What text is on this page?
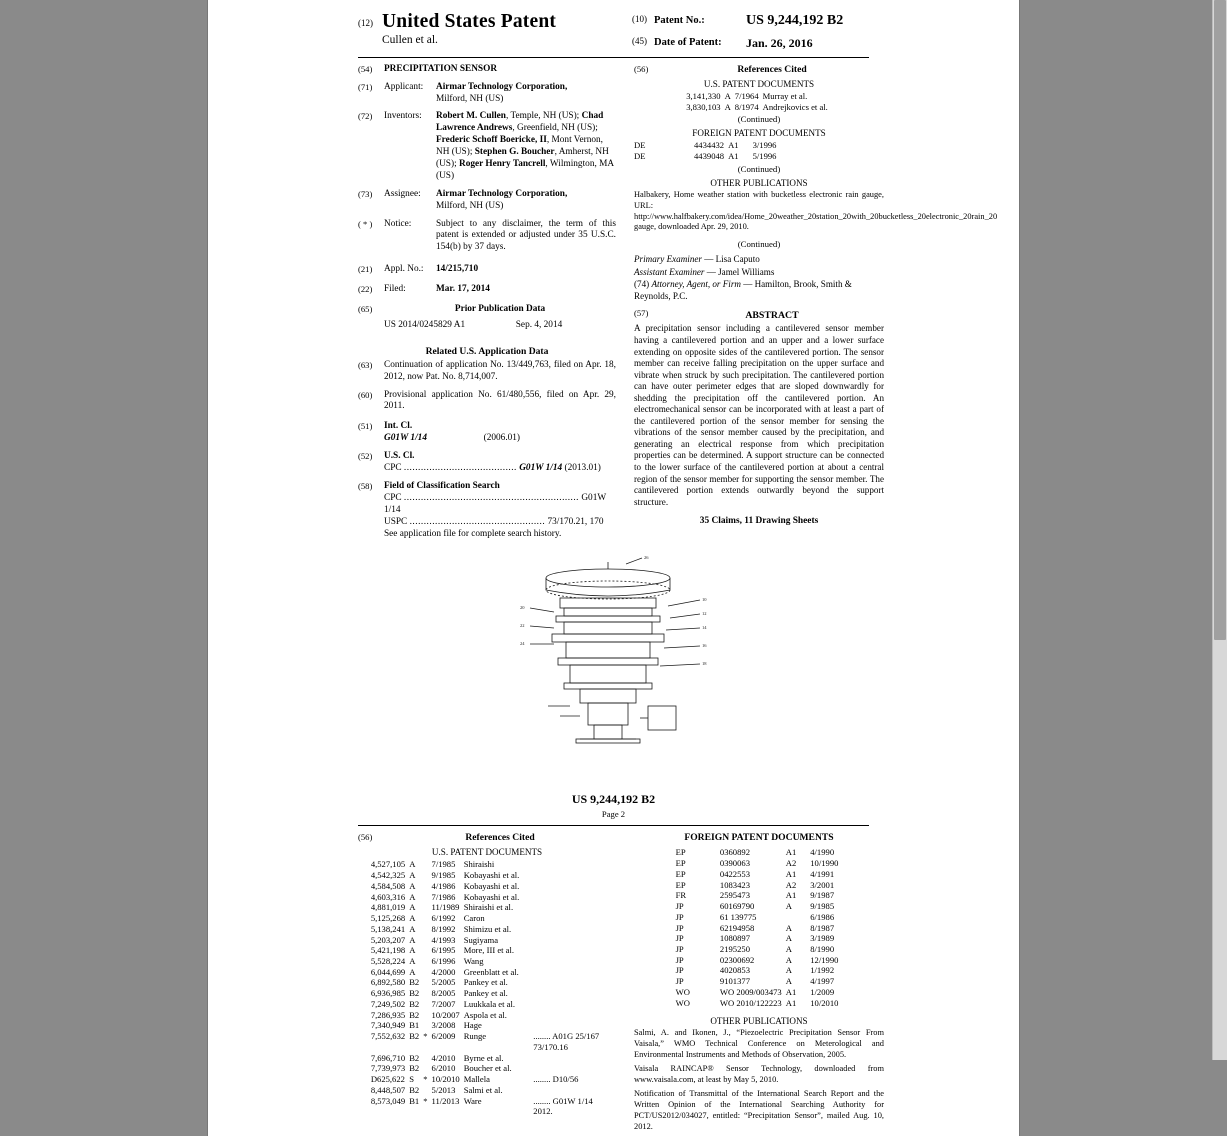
(12) United States Patent
Cullen et al.
(10) Patent No.:	US 9,244,192 B2
(45) Date of Patent:	Jan. 26, 2016
(54)	PRECIPITATION SENSOR
(71)	Applicant:	Airmar Technology Corporation,
Milford, NH (US)
(72)	Inventors:	Robert M. Cullen, Temple, NH (US); Chad Lawrence Andrews, Greenfield, NH (US); Frederic Schoff Boericke, II, Mont Vernon, NH (US); Stephen G. Boucher, Amherst, NH (US); Roger Henry Tancrell, Wilmington, MA (US)
(73)	Assignee:	Airmar Technology Corporation,
Milford, NH (US)
( * )	Notice:	Subject to any disclaimer, the term of this patent is extended or adjusted under 35 U.S.C. 154(b) by 37 days.
(21)	Appl. No.:	14/215,710
(22)	Filed:	Mar. 17, 2014
(65)	Prior Publication Data
US 2014/0245829 A1	Sep. 4, 2014
Related U.S. Application Data
(63)	Continuation of application No. 13/449,763, filed on Apr. 18, 2012, now Pat. No. 8,714,007.
(60)	Provisional application No. 61/480,556, filed on Apr. 29, 2011.
(51)	Int. Cl.
G01W 1/14	(2006.01)
(52)	U.S. Cl.
CPC ........................................ G01W 1/14 (2013.01)
(58)	Field of Classification Search
CPC .............................................................. G01W 1/14
USPC ................................................ 73/170.21, 170
See application file for complete search history.
(56)	References Cited
U.S. PATENT DOCUMENTS
3,141,330	A	7/1964	Murray et al.
3,830,103	A	8/1974	Andrejkovics et al.
(Continued)
FOREIGN PATENT DOCUMENTS
DE	4434432	A1	3/1996
DE	4439048	A1	5/1996
(Continued)
OTHER PUBLICATIONS
Halbakery, Home weather station with bucketless electronic rain gauge, URL: http://www.halfbakery.com/idea/Home_20weather_20station_20with_20bucketless_20electronic_20rain_20 gauge, downloaded Apr. 29, 2010.
(Continued)
Primary Examiner — Lisa Caputo
Assistant Examiner — Jamel Williams
(74) Attorney, Agent, or Firm — Hamilton, Brook, Smith & Reynolds, P.C.
(57)	ABSTRACT
A precipitation sensor including a cantilevered sensor member having a cantilevered portion and an upper and a lower surface extending on opposite sides of the cantilevered portion. The sensor member can receive falling precipitation on the upper surface and vibrate when struck by such precipitation. The cantilevered portion can have outer perimeter edges that are sloped downwardly for shedding the precipitation off the cantilevered portion. An electromechanical sensor can be incorporated with at least a part of the cantilevered portion of the sensor member for sensing the vibrations of the sensor member caused by the precipitation, and generating an electrical response from which precipitation properties can be determined. A support structure can be connected to the lower surface of the cantilevered portion at about a central region of the sensor member for supporting the sensor member. The cantilevered portion extends outwardly beyond the support structure.
35 Claims, 11 Drawing Sheets
10
12
14
16
18
20
22
24
26
US 9,244,192 B2
Page 2
(56)	References Cited
U.S. PATENT DOCUMENTS
4,527,105	A		7/1985	Shiraishi	
4,542,325	A		9/1985	Kobayashi et al.	
4,584,508	A		4/1986	Kobayashi et al.	
4,603,316	A		7/1986	Kobayashi et al.	
4,881,019	A		11/1989	Shiraishi et al.	
5,125,268	A		6/1992	Caron	
5,138,241	A		8/1992	Shimizu et al.	
5,203,207	A		4/1993	Sugiyama	
5,421,198	A		6/1995	More, III et al.	
5,528,224	A		6/1996	Wang	
6,044,699	A		4/2000	Greenblatt et al.	
6,892,580	B2		5/2005	Pankey et al.	
6,936,985	B2		8/2005	Pankey et al.	
7,249,502	B2		7/2007	Luukkala et al.	
7,286,935	B2		10/2007	Aspola et al.	
7,340,949	B1		3/2008	Hage	
7,552,632	B2	*	6/2009	Runge	........ A01G 25/167
					73/170.16
7,696,710	B2		4/2010	Byrne et al.	
7,739,973	B2		6/2010	Boucher et al.	
D625,622	S	*	10/2010	Mallela	........ D10/56
8,448,507	B2		5/2013	Salmi et al.	
8,573,049	B1	*	11/2013	Ware	........ G01W 1/14
					2012.
FOREIGN PATENT DOCUMENTS
EP	0360892	A1	4/1990
EP	0390063	A2	10/1990
EP	0422553	A1	4/1991
EP	1083423	A2	3/2001
FR	2595473	A1	9/1987
JP	60169790	A	9/1985
JP	61 139775		6/1986
JP	62194958	A	8/1987
JP	1080897	A	3/1989
JP	2195250	A	8/1990
JP	02300692	A	12/1990
JP	4020853	A	1/1992
JP	9101377	A	4/1997
WO	WO 2009/003473	A1	1/2009
WO	WO 2010/122223	A1	10/2010
OTHER PUBLICATIONS
Salmi, A. and Ikonen, J., “Piezoelectric Precipitation Sensor From Vaisala,” WMO Technical Conference on Meterological and Environmental Instruments and Methods of Observation, 2005.
Vaisala RAINCAP® Sensor Technology, downloaded from www.vaisala.com, at least by May 5, 2010.
Notification of Transmittal of the International Search Report and the Written Opinion of the International Searching Authority for PCT/US2012/034027, entitled: “Precipitation Sensor”, mailed Aug. 10, 2012.
